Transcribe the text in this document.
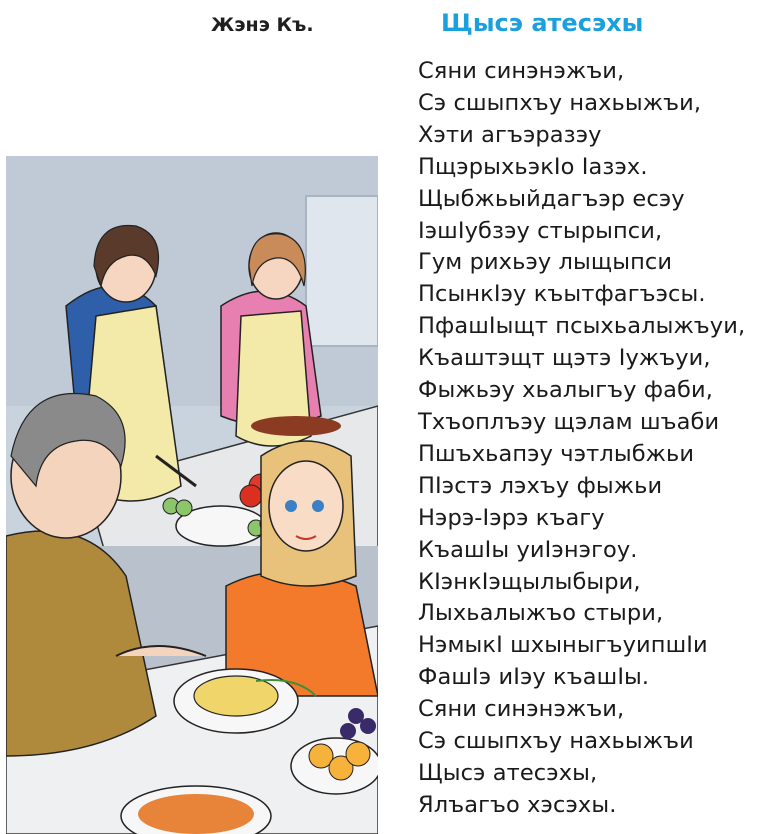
Жэнэ Къ.	Щысэ атесэхы
Сяни синэнэжъи,
Сэ сшыпхъу нахьыжъи,
Хэти агъэразэу
ПщэрыхьэкIо Iазэх.
Щыбжьыйдагъэр есэу
IэшIубзэу стырыпси,
Гум рихьэу лыщыпси
ПсынкIэу къытфагъэсы.
ПфашIыщт псыхьалыжъуи,
Къаштэщт щэтэ Iужъуи,
Фыжьэу хьалыгъу фаби,
Тхъоплъэу щэлам шъаби
Пшъхьапэу чэтлыбжьи
ПIэстэ лэхъу фыжьи
Нэрэ-Iэрэ къагу
КъашIы уиIэнэгоу.
КIэнкIэщылыбыри,
Лыхьалыжъо стыри,
НэмыкI шхыныгъуипшIи
ФашIэ иIэу къашIы.
Сяни синэнэжъи,
Сэ сшыпхъу нахьыжъи
Щысэ атесэхы,
Ялъагъо хэсэхы.
